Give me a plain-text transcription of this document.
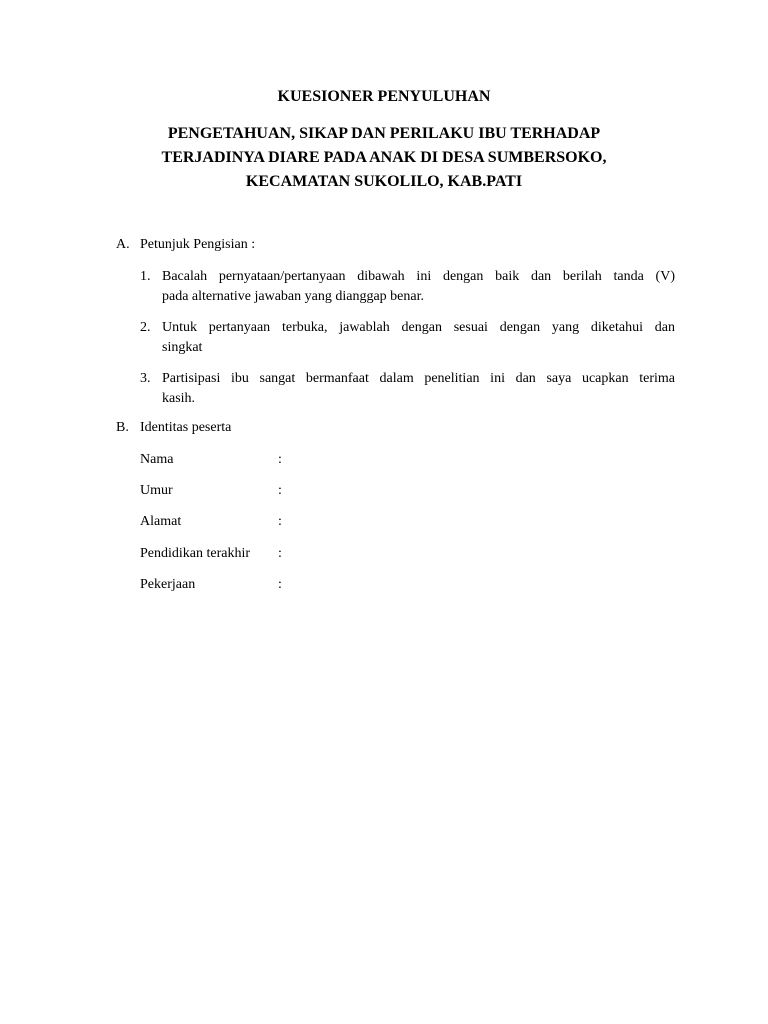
KUESIONER PENYULUHAN
PENGETAHUAN, SIKAP DAN PERILAKU IBU TERHADAP
TERJADINYA DIARE PADA ANAK DI DESA SUMBERSOKO,
KECAMATAN SUKOLILO, KAB.PATI
A. Petunjuk Pengisian :
1. Bacalah pernyataan/pertanyaan dibawah ini dengan baik dan berilah tanda (V)
pada alternative jawaban yang dianggap benar.
2. Untuk pertanyaan terbuka, jawablah dengan sesuai dengan yang diketahui dan
singkat
3. Partisipasi ibu sangat bermanfaat dalam penelitian ini dan saya ucapkan terima
kasih.
B. Identitas peserta
Nama	:
Umur	:
Alamat	:
Pendidikan terakhir :
Pekerjaan	:
